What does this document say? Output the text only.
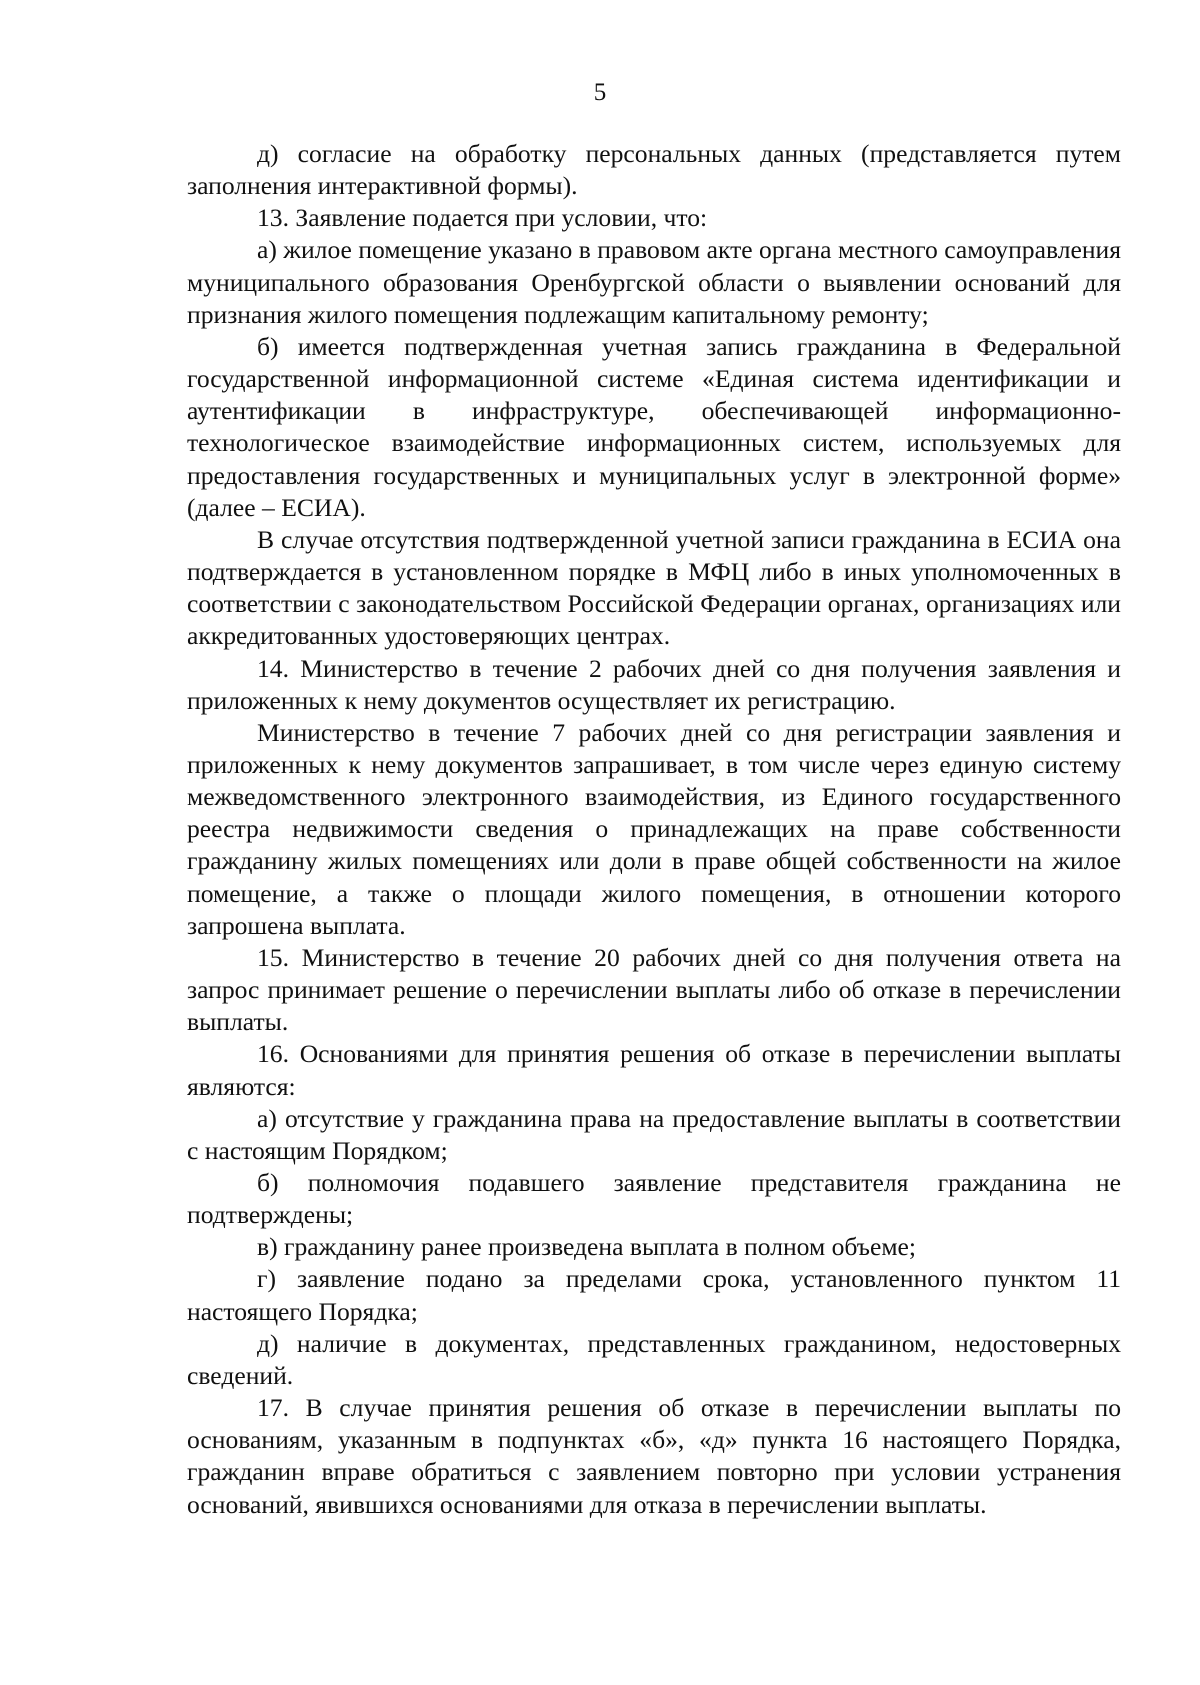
5

д) согласие на обработку персональных данных (представляется путем заполнения интерактивной формы).

13. Заявление подается при условии, что:

а) жилое помещение указано в правовом акте органа местного самоуправления муниципального образования Оренбургской области о выявлении оснований для признания жилого помещения подлежащим капитальному ремонту;

б) имеется подтвержденная учетная запись гражданина в Федеральной государственной информационной системе «Единая система идентификации и аутентификации в инфраструктуре, обеспечивающей информационно-технологическое взаимодействие информационных систем, используемых для предоставления государственных и муниципальных услуг в электронной форме» (далее – ЕСИА).

В случае отсутствия подтвержденной учетной записи гражданина в ЕСИА она подтверждается в установленном порядке в МФЦ либо в иных уполномоченных в соответствии с законодательством Российской Федерации органах, организациях или аккредитованных удостоверяющих центрах.

14. Министерство в течение 2 рабочих дней со дня получения заявления и приложенных к нему документов осуществляет их регистрацию.

Министерство в течение 7 рабочих дней со дня регистрации заявления и приложенных к нему документов запрашивает, в том числе через единую систему межведомственного электронного взаимодействия, из Единого государственного реестра недвижимости сведения о принадлежащих на праве собственности гражданину жилых помещениях или доли в праве общей собственности на жилое помещение, а также о площади жилого помещения, в отношении которого запрошена выплата.

15. Министерство в течение 20 рабочих дней со дня получения ответа на запрос принимает решение о перечислении выплаты либо об отказе в перечислении выплаты.

16. Основаниями для принятия решения об отказе в перечислении выплаты являются:

а) отсутствие у гражданина права на предоставление выплаты в соответствии с настоящим Порядком;

б) полномочия подавшего заявление представителя гражданина не подтверждены;

в) гражданину ранее произведена выплата в полном объеме;

г) заявление подано за пределами срока, установленного пунктом 11 настоящего Порядка;

д) наличие в документах, представленных гражданином, недостоверных сведений.

17. В случае принятия решения об отказе в перечислении выплаты по основаниям, указанным в подпунктах «б», «д» пункта 16 настоящего Порядка, гражданин вправе обратиться с заявлением повторно при условии устранения оснований, явившихся основаниями для отказа в перечислении выплаты.
